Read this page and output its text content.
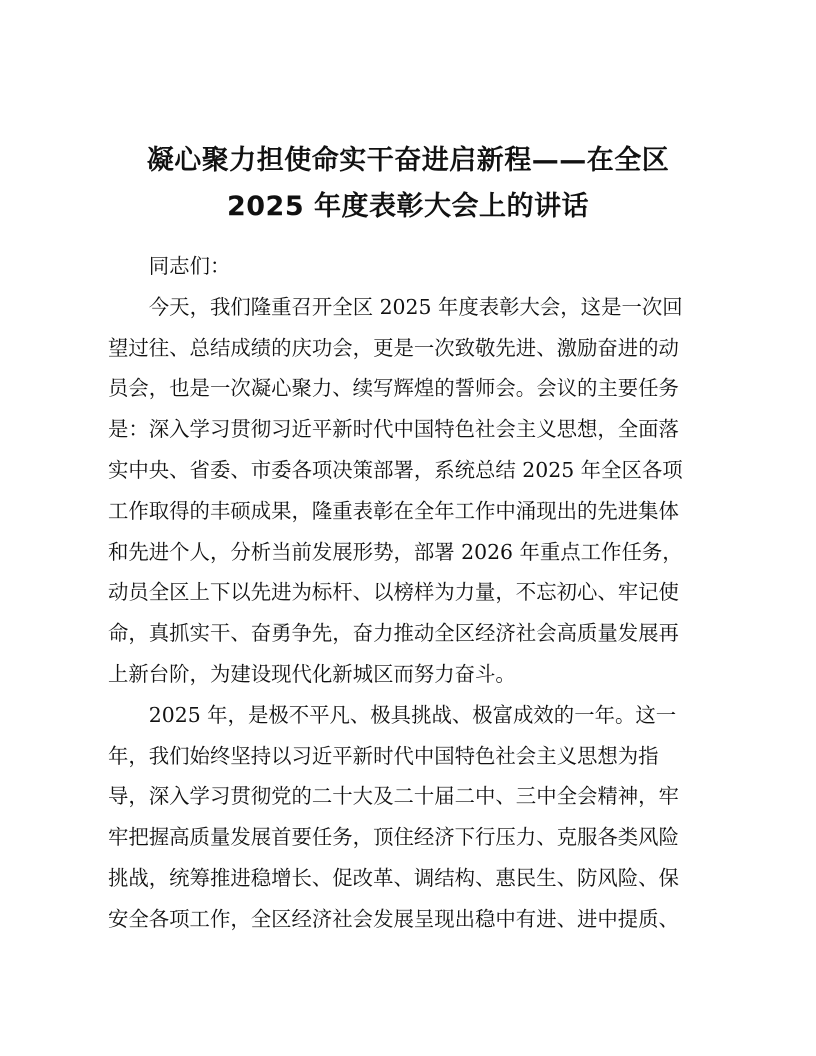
凝心聚力担使命实干奋进启新程——在全区
2025 年度表彰大会上的讲话

同志们：

今天，我们隆重召开全区 2025 年度表彰大会，这是一次回
望过往、总结成绩的庆功会，更是一次致敬先进、激励奋进的动
员会，也是一次凝心聚力、续写辉煌的誓师会。会议的主要任务
是：深入学习贯彻习近平新时代中国特色社会主义思想，全面落
实中央、省委、市委各项决策部署，系统总结 2025 年全区各项
工作取得的丰硕成果，隆重表彰在全年工作中涌现出的先进集体
和先进个人，分析当前发展形势，部署 2026 年重点工作任务，
动员全区上下以先进为标杆、以榜样为力量，不忘初心、牢记使
命，真抓实干、奋勇争先，奋力推动全区经济社会高质量发展再
上新台阶，为建设现代化新城区而努力奋斗。

2025 年，是极不平凡、极具挑战、极富成效的一年。这一
年，我们始终坚持以习近平新时代中国特色社会主义思想为指
导，深入学习贯彻党的二十大及二十届二中、三中全会精神，牢
牢把握高质量发展首要任务，顶住经济下行压力、克服各类风险
挑战，统筹推进稳增长、促改革、调结构、惠民生、防风险、保
安全各项工作，全区经济社会发展呈现出稳中有进、进中提质、
